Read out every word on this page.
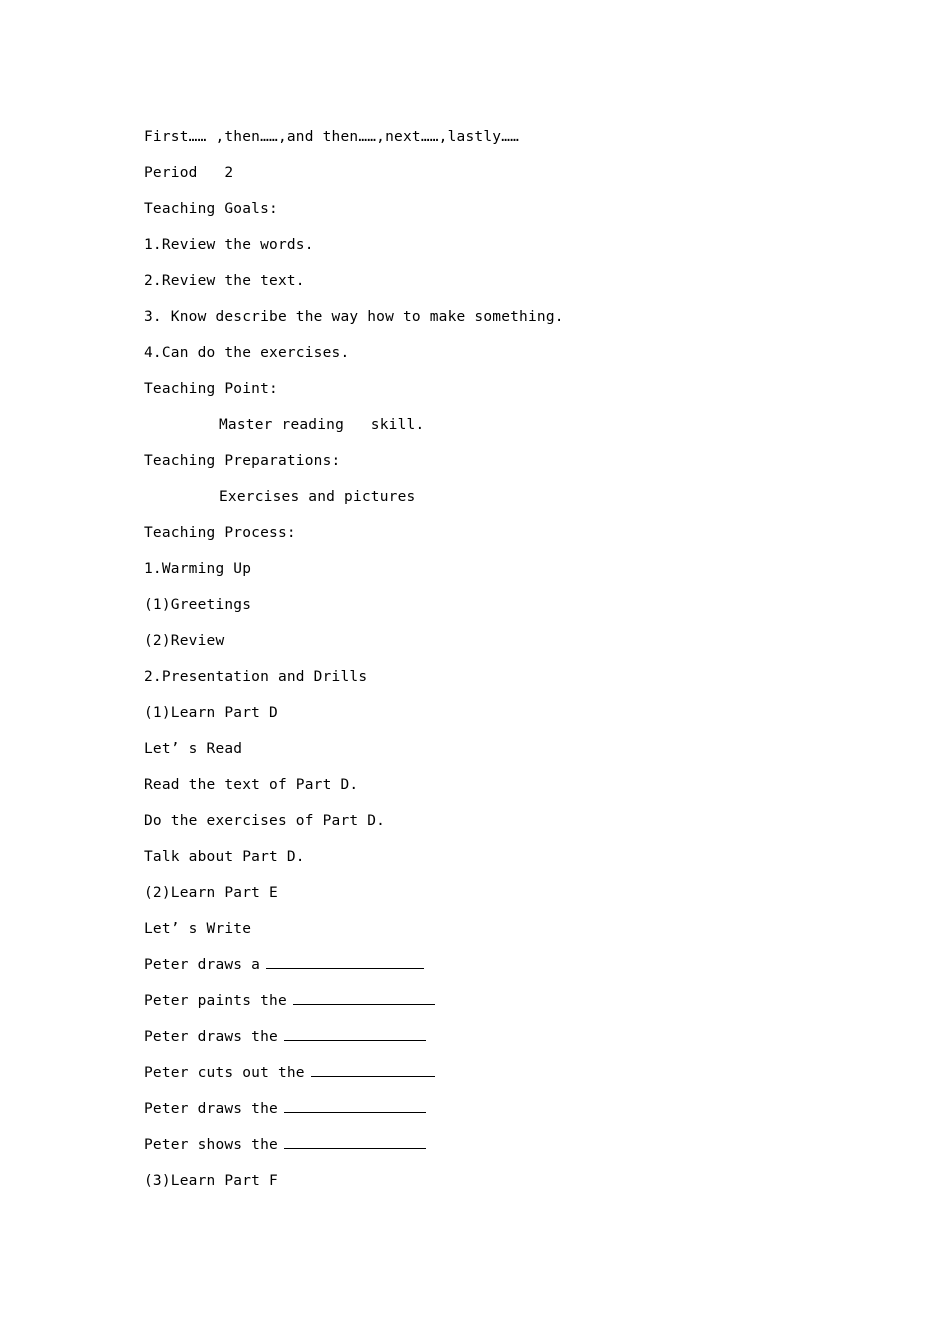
First…… ,then……,and then……,next……,lastly……
Period   2
Teaching Goals:
1.Review the words.
2.Review the text.
3. Know describe the way how to make something.
4.Can do the exercises.
Teaching Point:
Master reading   skill.
Teaching Preparations:
Exercises and pictures
Teaching Process:
1.Warming Up
(1)Greetings
(2)Review
2.Presentation and Drills
(1)Learn Part D
Let’ s Read
Read the text of Part D.
Do the exercises of Part D.
Talk about Part D.
(2)Learn Part E
Let’ s Write
Peter draws a
Peter paints the
Peter draws the
Peter cuts out the
Peter draws the
Peter shows the
(3)Learn Part F
